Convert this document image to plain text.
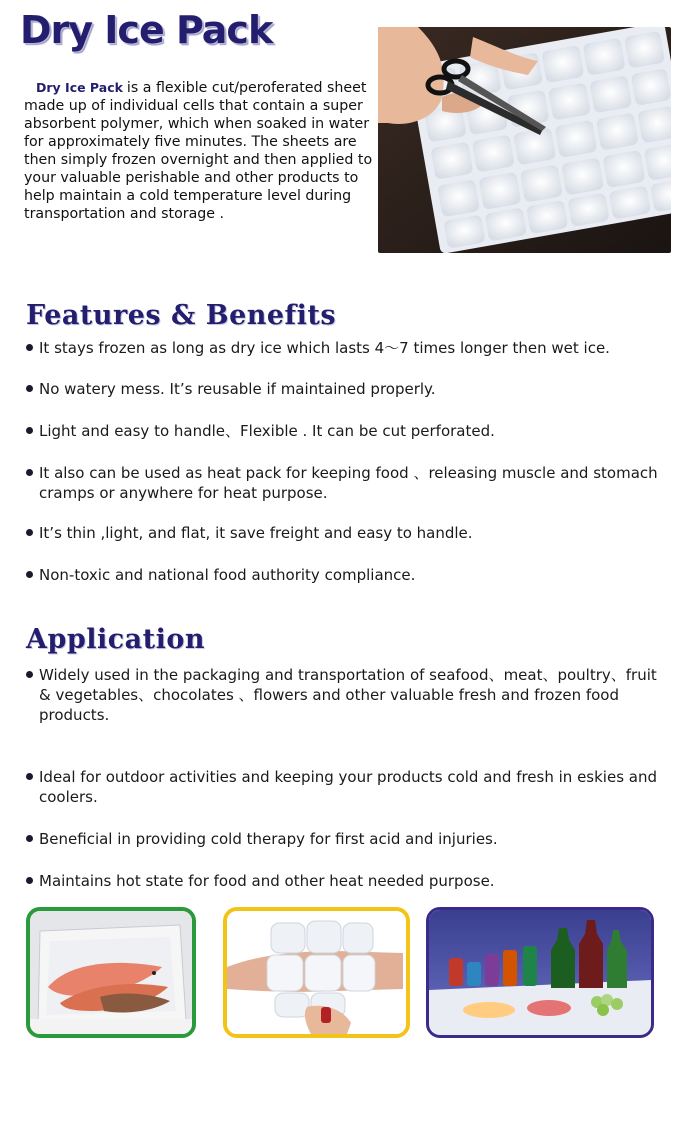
Dry Ice Pack

Dry Ice Pack is a flexible cut/peroferated sheet made up of individual cells that contain a super absorbent polymer, which when soaked in water for approximately five minutes. The sheets are then simply frozen overnight and then applied to your valuable perishable and other products to help maintain a cold temperature level during transportation and storage .

Features & Benefits
It stays frozen as long as dry ice which lasts 4～7 times longer then wet ice.
No watery mess. It’s reusable if maintained properly.
Light and easy to handle、Flexible . It can be cut perforated.
It also can be used as heat pack for keeping food 、releasing muscle and stomach cramps or anywhere for heat purpose.
It’s thin ,light, and flat, it save freight and easy to handle.
Non-toxic and national food authority compliance.
Application
Widely used in the packaging and transportation of seafood、meat、poultry、fruit & vegetables、chocolates 、flowers and other valuable fresh and frozen food products.
Ideal for outdoor activities and keeping your products cold and fresh in eskies and coolers.
Beneficial in providing cold therapy for first acid and injuries.
Maintains hot state for food and other heat needed purpose.
